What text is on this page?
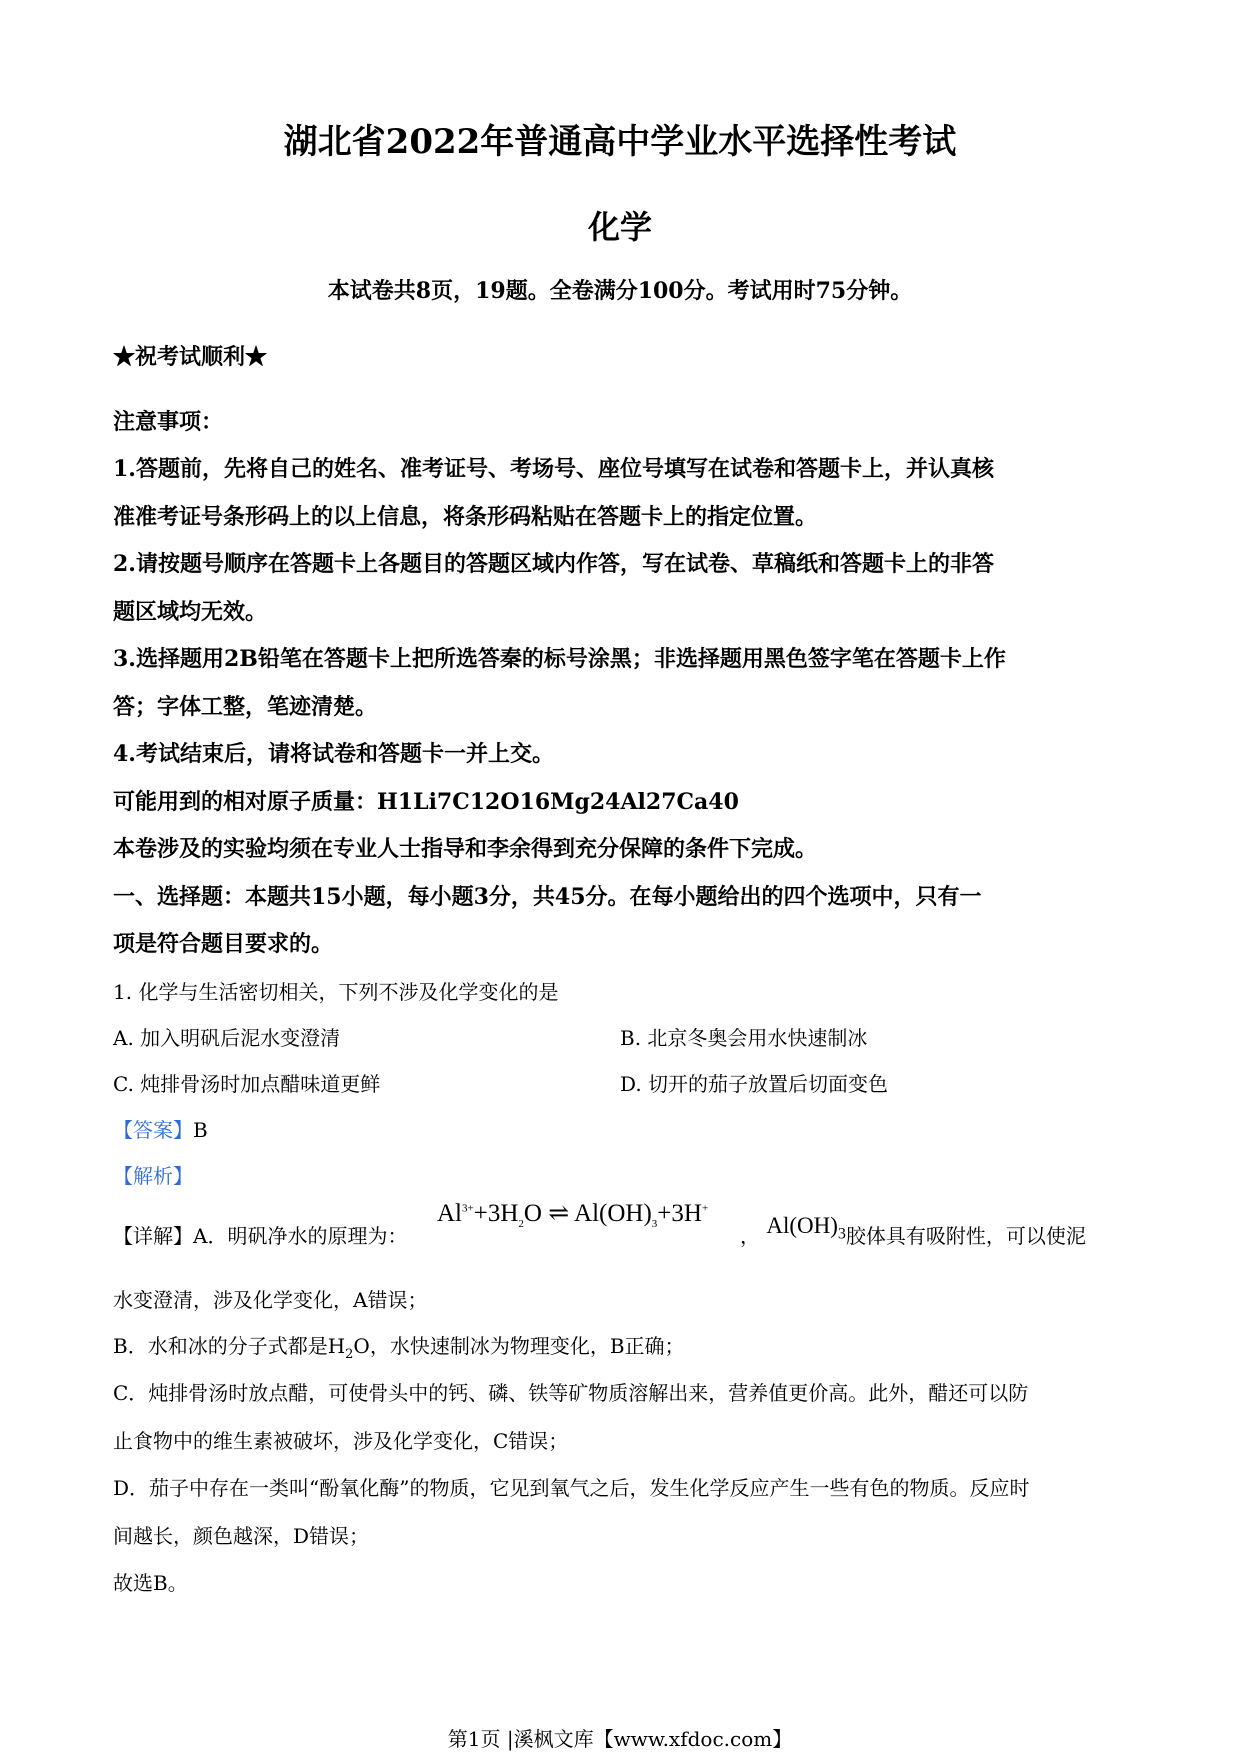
湖北省2022年普通高中学业水平选择性考试
化学
本试卷共8页，19题。全卷满分100分。考试用时75分钟。
★祝考试顺利★
注意事项：
1.答题前，先将自己的姓名、准考证号、考场号、座位号填写在试卷和答题卡上，并认真核
准准考证号条形码上的以上信息，将条形码粘贴在答题卡上的指定位置。
2.请按题号顺序在答题卡上各题目的答题区域内作答，写在试卷、草稿纸和答题卡上的非答
题区域均无效。
3.选择题用2B铅笔在答题卡上把所选答秦的标号涂黑；非选择题用黑色签字笔在答题卡上作
答；字体工整，笔迹清楚。
4.考试结束后，请将试卷和答题卡一并上交。
可能用到的相对原子质量：H1Li7C12O16Mg24Al27Ca40
本卷涉及的实验均须在专业人士指导和李余得到充分保障的条件下完成。
一、选择题：本题共15小题，每小题3分，共45分。在每小题给出的四个选项中，只有一
项是符合题目要求的。
1. 化学与生活密切相关，下列不涉及化学变化的是
A. 加入明矾后泥水变澄清	B. 北京冬奥会用水快速制冰
C. 炖排骨汤时加点醋味道更鲜	D. 切开的茄子放置后切面变色
【答案】B
【解析】
【详解】A．明矾净水的原理为：
$Al^{3+}+3H_2O$ ⇌ $Al(OH)_3+3H^+$
， $Al(OH)_3$胶体具有吸附性，可以使泥
水变澄清，涉及化学变化，A错误；
B．水和冰的分子式都是$H_2O$，水快速制冰为物理变化，B正确；
C．炖排骨汤时放点醋，可使骨头中的钙、磷、铁等矿物质溶解出来，营养值更价高。此外，醋还可以防
止食物中的维生素被破坏，涉及化学变化，C错误；
D．茄子中存在一类叫“酚氧化酶”的物质，它见到氧气之后，发生化学反应产生一些有色的物质。反应时
间越长，颜色越深，D错误；
故选B。
第1页 |溪枫文库【www.xfdoc.com】
